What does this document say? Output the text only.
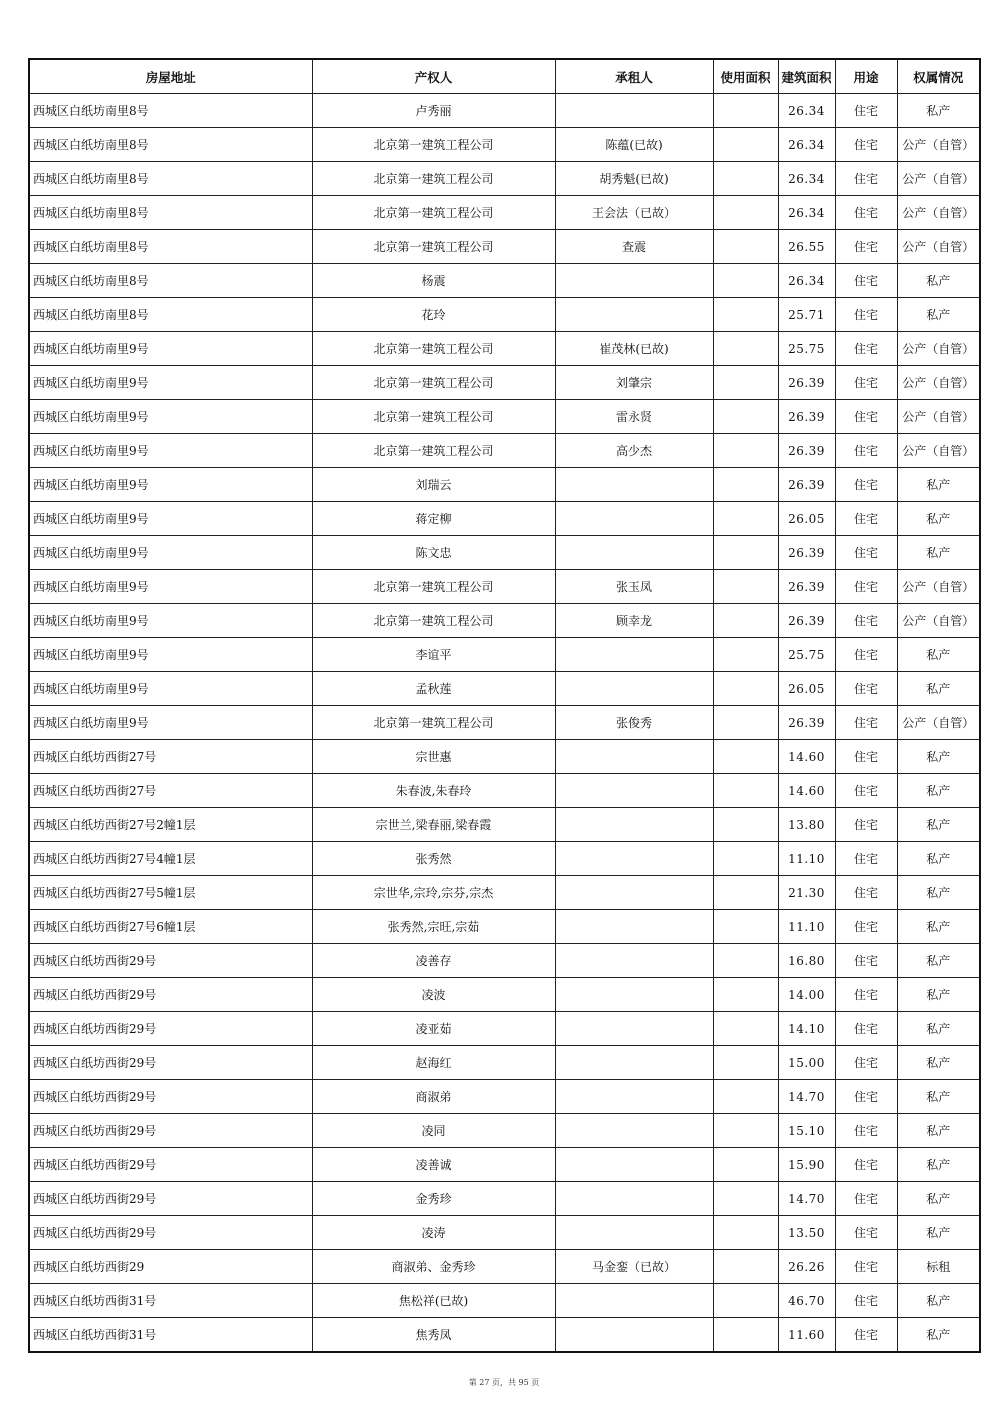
房屋地址	产权人	承租人	使用面积	建筑面积	用途	权属情况
西城区白纸坊南里8号	卢秀丽			26.34	住宅	私产
西城区白纸坊南里8号	北京第一建筑工程公司	陈蕴(已故)		26.34	住宅	公产（自管）
西城区白纸坊南里8号	北京第一建筑工程公司	胡秀魁(已故)		26.34	住宅	公产（自管）
西城区白纸坊南里8号	北京第一建筑工程公司	王会法（已故）		26.34	住宅	公产（自管）
西城区白纸坊南里8号	北京第一建筑工程公司	查震		26.55	住宅	公产（自管）
西城区白纸坊南里8号	杨震			26.34	住宅	私产
西城区白纸坊南里8号	花玲			25.71	住宅	私产
西城区白纸坊南里9号	北京第一建筑工程公司	崔茂林(已故)		25.75	住宅	公产（自管）
西城区白纸坊南里9号	北京第一建筑工程公司	刘肇宗		26.39	住宅	公产（自管）
西城区白纸坊南里9号	北京第一建筑工程公司	雷永贤		26.39	住宅	公产（自管）
西城区白纸坊南里9号	北京第一建筑工程公司	高少杰		26.39	住宅	公产（自管）
西城区白纸坊南里9号	刘瑞云			26.39	住宅	私产
西城区白纸坊南里9号	蒋定柳			26.05	住宅	私产
西城区白纸坊南里9号	陈文忠			26.39	住宅	私产
西城区白纸坊南里9号	北京第一建筑工程公司	张玉凤		26.39	住宅	公产（自管）
西城区白纸坊南里9号	北京第一建筑工程公司	顾幸龙		26.39	住宅	公产（自管）
西城区白纸坊南里9号	李谊平			25.75	住宅	私产
西城区白纸坊南里9号	孟秋莲			26.05	住宅	私产
西城区白纸坊南里9号	北京第一建筑工程公司	张俊秀		26.39	住宅	公产（自管）
西城区白纸坊西街27号	宗世惠			14.60	住宅	私产
西城区白纸坊西街27号	朱春波,朱春玲			14.60	住宅	私产
西城区白纸坊西街27号2幢1层	宗世兰,梁春丽,梁春霞			13.80	住宅	私产
西城区白纸坊西街27号4幢1层	张秀然			11.10	住宅	私产
西城区白纸坊西街27号5幢1层	宗世华,宗玲,宗芬,宗杰			21.30	住宅	私产
西城区白纸坊西街27号6幢1层	张秀然,宗旺,宗茹			11.10	住宅	私产
西城区白纸坊西街29号	凌善存			16.80	住宅	私产
西城区白纸坊西街29号	凌波			14.00	住宅	私产
西城区白纸坊西街29号	凌亚茹			14.10	住宅	私产
西城区白纸坊西街29号	赵海红			15.00	住宅	私产
西城区白纸坊西街29号	商淑弟			14.70	住宅	私产
西城区白纸坊西街29号	凌同			15.10	住宅	私产
西城区白纸坊西街29号	凌善诚			15.90	住宅	私产
西城区白纸坊西街29号	金秀珍			14.70	住宅	私产
西城区白纸坊西街29号	凌涛			13.50	住宅	私产
西城区白纸坊西街29	商淑弟、金秀珍	马金銮（已故）		26.26	住宅	标租
西城区白纸坊西街31号	焦松祥(已故)			46.70	住宅	私产
西城区白纸坊西街31号	焦秀凤			11.60	住宅	私产
第 27 页，共 95 页
